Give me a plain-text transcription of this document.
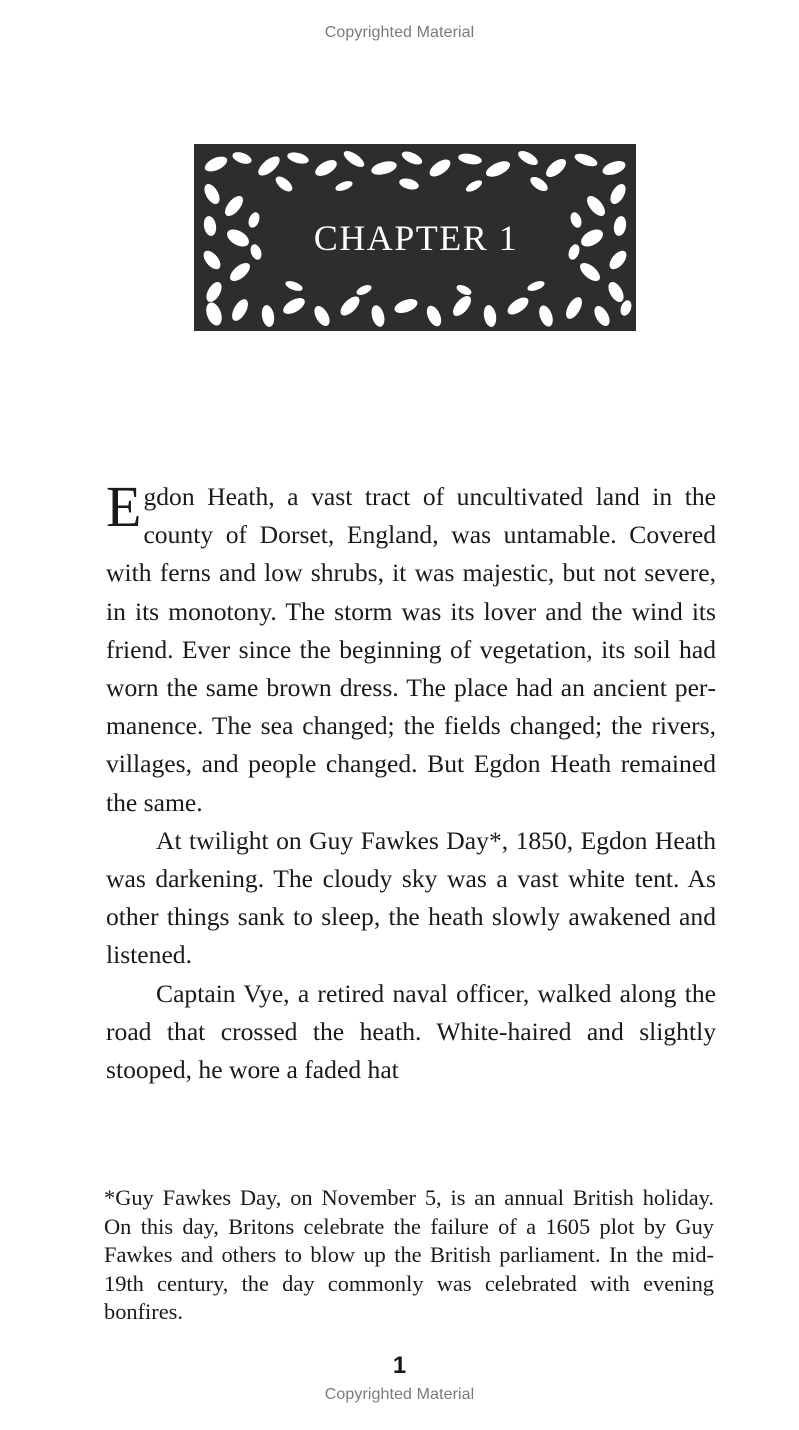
Copyrighted Material
CHAPTER 1

Egdon Heath, a vast tract of uncultivated land in the county of Dorset, England, was untamable. Covered with ferns and low shrubs, it was majestic, but not severe, in its monotony. The storm was its lover and the wind its friend. Ever since the beginning of vegetation, its soil had worn the same brown dress. The place had an ancient permanence. The sea changed; the fields changed; the rivers, villages, and people changed. But Egdon Heath remained the same.

At twilight on Guy Fawkes Day*, 1850, Egdon Heath was darkening. The cloudy sky was a vast white tent. As other things sank to sleep, the heath slowly awakened and listened.

Captain Vye, a retired naval officer, walked along the road that crossed the heath. White-haired and slightly stooped, he wore a faded hat

*Guy Fawkes Day, on November 5, is an annual British holiday. On this day, Britons celebrate the failure of a 1605 plot by Guy Fawkes and others to blow up the British parliament. In the mid-19th century, the day commonly was celebrated with evening bonfires.
1
Copyrighted Material
